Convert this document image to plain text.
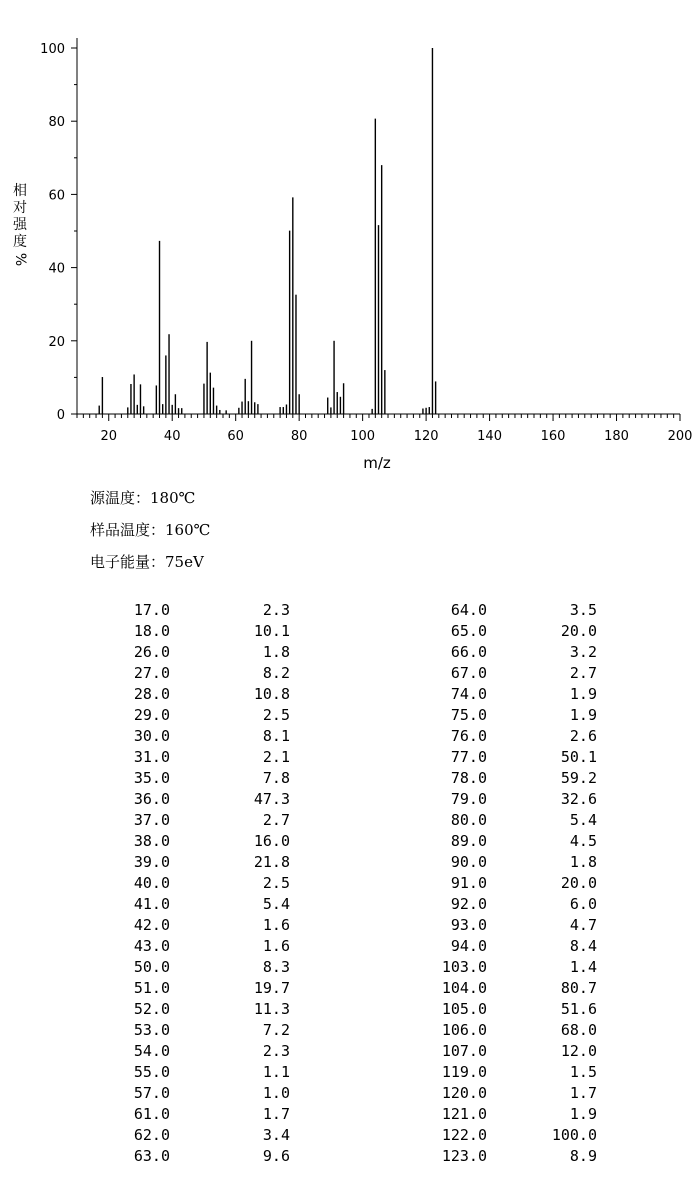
0
20
40
60
80
100
20	40	60	80	100	120	140	160	180	200
m/z
相
对
强
度
%
源温度：180℃
样品温度：160℃
电子能量：75eV
17.0	2.3
18.0	10.1
26.0	1.8
27.0	8.2
28.0	10.8
29.0	2.5
30.0	8.1
31.0	2.1
35.0	7.8
36.0	47.3
37.0	2.7
38.0	16.0
39.0	21.8
40.0	2.5
41.0	5.4
42.0	1.6
43.0	1.6
50.0	8.3
51.0	19.7
52.0	11.3
53.0	7.2
54.0	2.3
55.0	1.1
57.0	1.0
61.0	1.7
62.0	3.4
63.0	9.6
64.0	3.5
65.0	20.0
66.0	3.2
67.0	2.7
74.0	1.9
75.0	1.9
76.0	2.6
77.0	50.1
78.0	59.2
79.0	32.6
80.0	5.4
89.0	4.5
90.0	1.8
91.0	20.0
92.0	6.0
93.0	4.7
94.0	8.4
103.0	1.4
104.0	80.7
105.0	51.6
106.0	68.0
107.0	12.0
119.0	1.5
120.0	1.7
121.0	1.9
122.0	100.0
123.0	8.9
